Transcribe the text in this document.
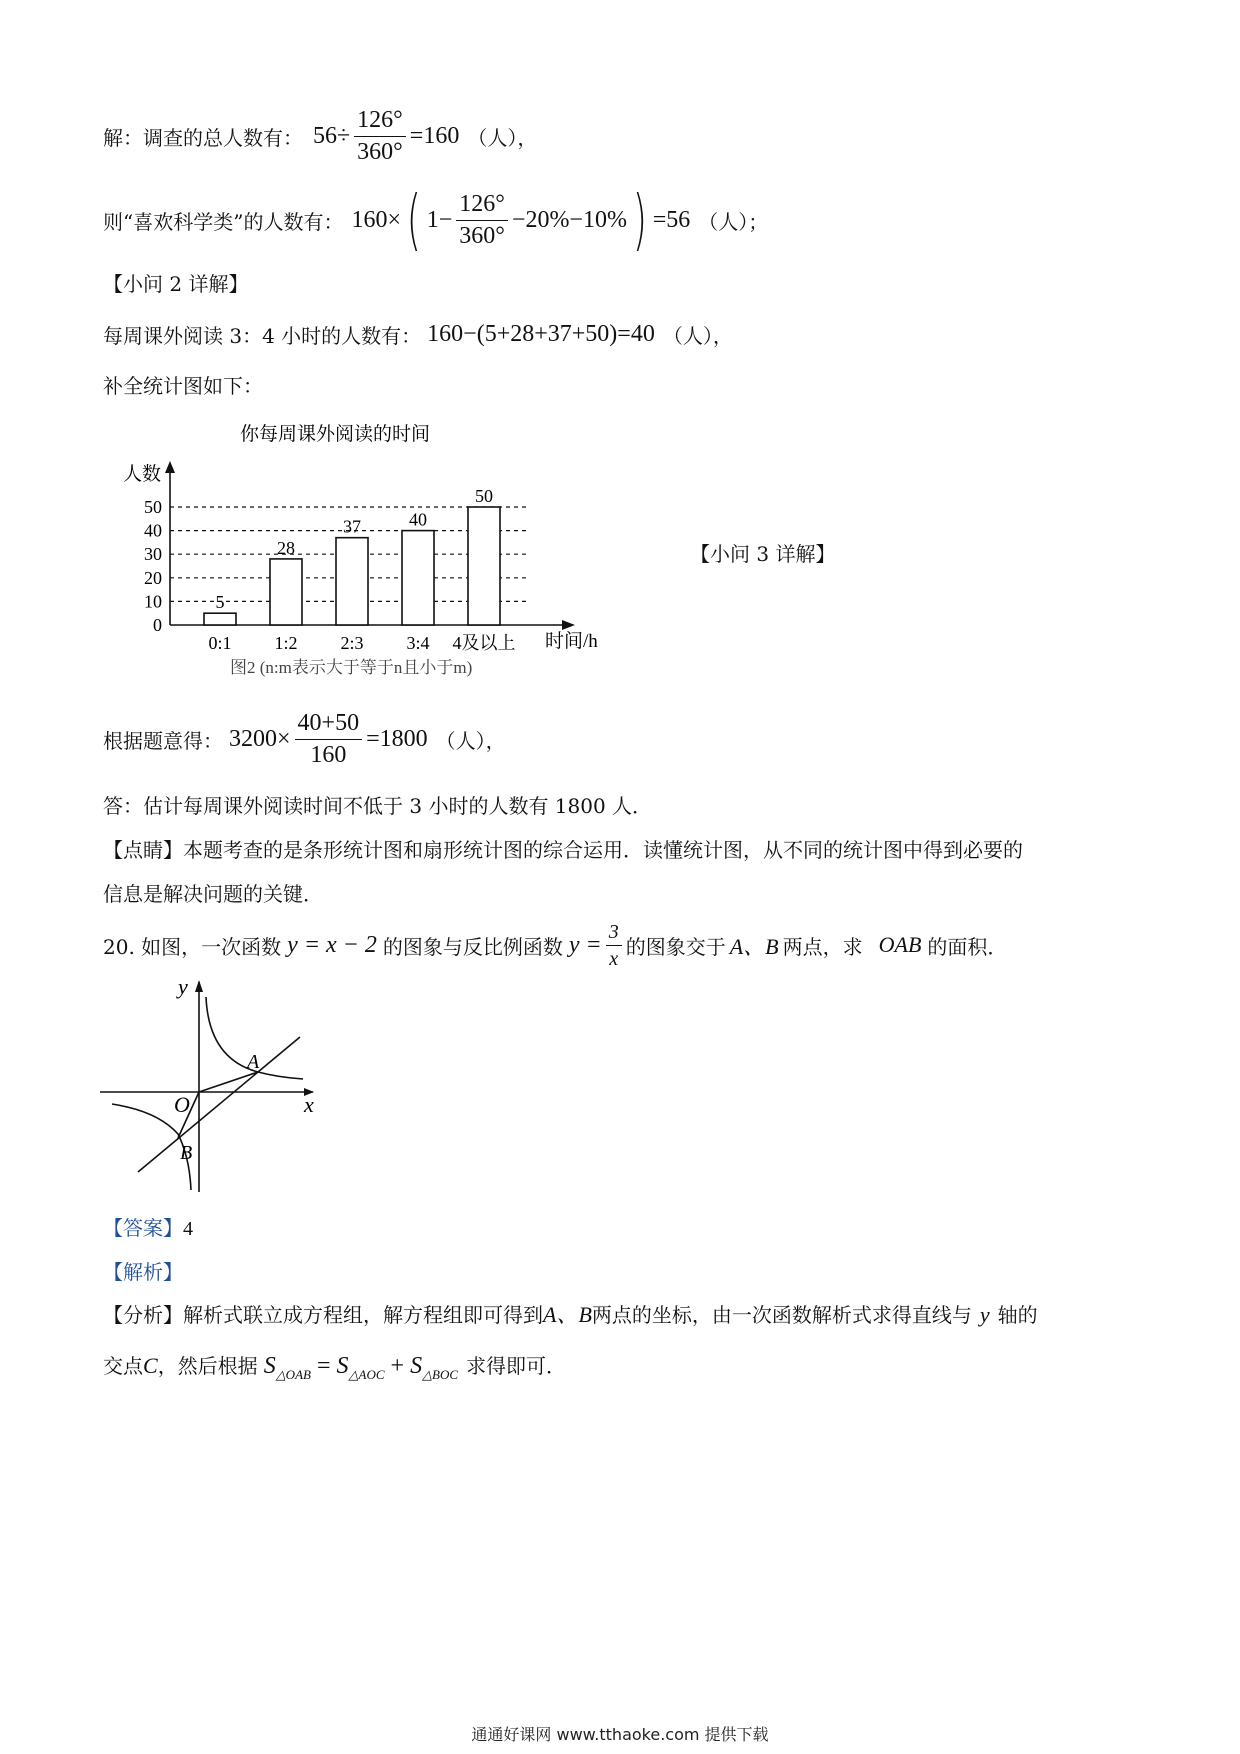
解：调查的总人数有： $56\div \frac{126^\circ}{360^\circ} =160$ （人），
则“喜欢科学类”的人数有： 160× ( $1- \frac{126^\circ}{360^\circ} -20\%-10\%$ ) =56 （人）；
【小问 2 详解】
每周课外阅读 3：4 小时的人数有： 160−(5+28+37+50)=40 （人），
补全统计图如下：
你每周课外阅读的时间
人数
时间/h
0
10
20
30
40
50
5
0:1
28
1:2
37
2:3
40
3:4
50
4及以上
图2 (n:m表示大于等于n且小于m)
【小问 3 详解】
根据题意得： $3200\times \frac{40+50}{160} =1800$ （人），
答：估计每周课外阅读时间不低于 3 小时的人数有 1800 人．
【点睛】本题考查的是条形统计图和扇形统计图的综合运用．读懂统计图，从不同的统计图中得到必要的
信息是解决问题的关键．
20. 如图，一次函数 y = x − 2 的图象与反比例函数 $y = \frac{3}{x}$ 的图象交于 A、B 两点，求 OAB 的面积．
y
x
O
A
B
【答案】4
【解析】
【分析】解析式联立成方程组，解方程组即可得到A、B两点的坐标，由一次函数解析式求得直线与 y 轴的
交点 C ，然后根据 $S_{\triangle OAB} = S_{\triangle AOC} + S_{\triangle BOC}$ 求得即可．
通通好课网 www.tthaoke.com 提供下载
